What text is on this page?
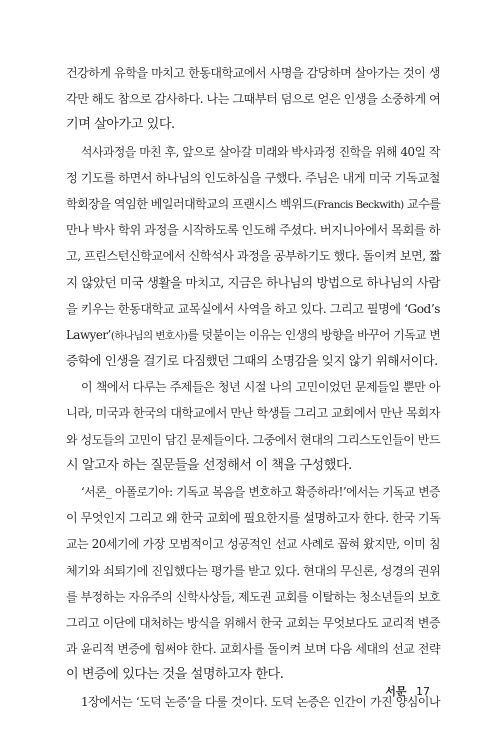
건강하게 유학을 마치고 한동대학교에서 사명을 감당하며 살아가는 것이 생
각만 해도 참으로 감사하다. 나는 그때부터 덤으로 얻은 인생을 소중하게 여
기며 살아가고 있다.
석사과정을 마친 후, 앞으로 살아갈 미래와 박사과정 진학을 위해 40일 작
정 기도를 하면서 하나님의 인도하심을 구했다. 주님은 내게 미국 기독교철
학회장을 역임한 베일러대학교의 프랜시스 벡위드(Francis Beckwith) 교수를
만나 박사 학위 과정을 시작하도록 인도해 주셨다. 버지니아에서 목회를 하
고, 프린스턴신학교에서 신학석사 과정을 공부하기도 했다. 돌이켜 보면, 짧
지 않았던 미국 생활을 마치고, 지금은 하나님의 방법으로 하나님의 사람
을 키우는 한동대학교 교목실에서 사역을 하고 있다. 그리고 필명에 ‘God’s
Lawyer’(하나님의 변호사)를 덧붙이는 이유는 인생의 방향을 바꾸어 기독교 변
증학에 인생을 걸기로 다짐했던 그때의 소명감을 잊지 않기 위해서이다.
이 책에서 다루는 주제들은 청년 시절 나의 고민이었던 문제들일 뿐만 아
니라, 미국과 한국의 대학교에서 만난 학생들 그리고 교회에서 만난 목회자
와 성도들의 고민이 담긴 문제들이다. 그중에서 현대의 그리스도인들이 반드
시 알고자 하는 질문들을 선정해서 이 책을 구성했다.
‘서론_ 아폴로기아: 기독교 복음을 변호하고 확증하라!’에서는 기독교 변증
이 무엇인지 그리고 왜 한국 교회에 필요한지를 설명하고자 한다. 한국 기독
교는 20세기에 가장 모범적이고 성공적인 선교 사례로 꼽혀 왔지만, 이미 침
체기와 쇠퇴기에 진입했다는 평가를 받고 있다. 현대의 무신론, 성경의 권위
를 부정하는 자유주의 신학사상들, 제도권 교회를 이탈하는 청소년들의 보호
그리고 이단에 대처하는 방식을 위해서 한국 교회는 무엇보다도 교리적 변증
과 윤리적 변증에 힘써야 한다. 교회사를 돌이켜 보며 다음 세대의 선교 전략
이 변증에 있다는 것을 설명하고자 한다.
1장에서는 ‘도덕 논증’을 다룰 것이다. 도덕 논증은 인간이 가진 양심이나
서문 17
